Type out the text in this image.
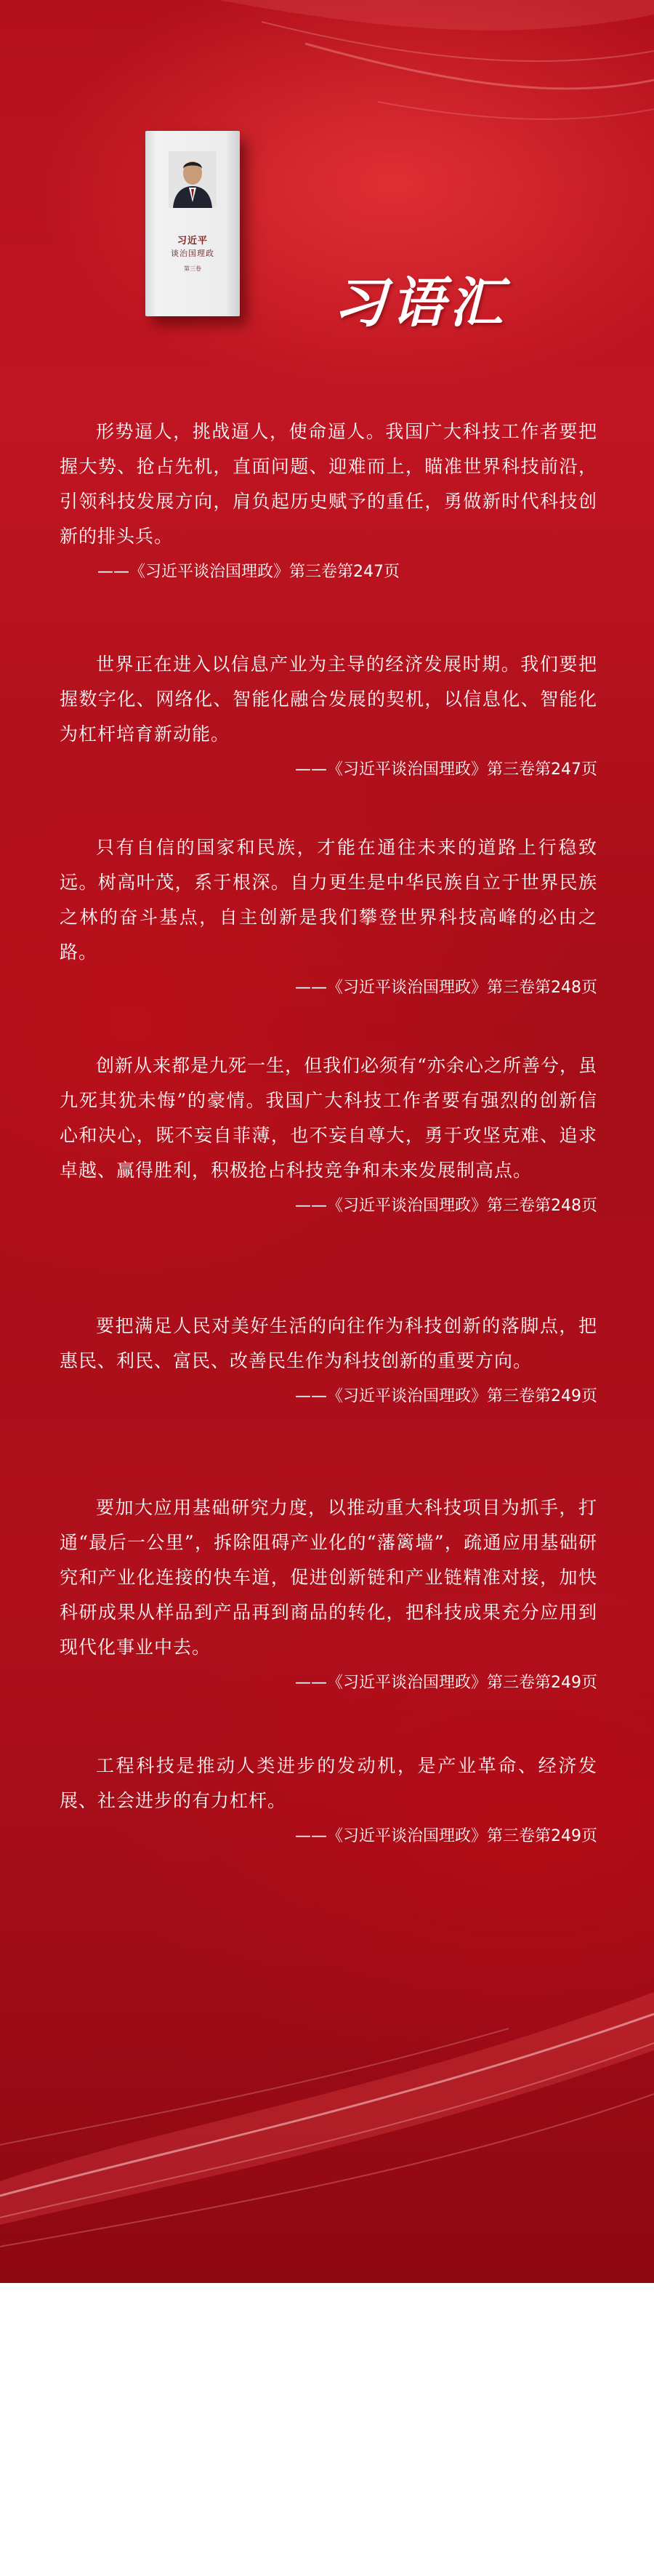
习近平
谈治国理政
第三卷
习语汇

形势逼人，挑战逼人，使命逼人。我国广大科技工作者要把握大势、抢占先机，直面问题、迎难而上，瞄准世界科技前沿，引领科技发展方向，肩负起历史赋予的重任，勇做新时代科技创新的排头兵。

——《习近平谈治国理政》第三卷第247页

世界正在进入以信息产业为主导的经济发展时期。我们要把握数字化、网络化、智能化融合发展的契机，以信息化、智能化为杠杆培育新动能。

——《习近平谈治国理政》第三卷第247页

只有自信的国家和民族，才能在通往未来的道路上行稳致远。树高叶茂，系于根深。自力更生是中华民族自立于世界民族之林的奋斗基点，自主创新是我们攀登世界科技高峰的必由之路。

——《习近平谈治国理政》第三卷第248页

创新从来都是九死一生，但我们必须有“亦余心之所善兮，虽九死其犹未悔”的豪情。我国广大科技工作者要有强烈的创新信心和决心，既不妄自菲薄，也不妄自尊大，勇于攻坚克难、追求卓越、赢得胜利，积极抢占科技竞争和未来发展制高点。

——《习近平谈治国理政》第三卷第248页

要把满足人民对美好生活的向往作为科技创新的落脚点，把惠民、利民、富民、改善民生作为科技创新的重要方向。

——《习近平谈治国理政》第三卷第249页

要加大应用基础研究力度，以推动重大科技项目为抓手，打通“最后一公里”，拆除阻碍产业化的“藩篱墙”，疏通应用基础研究和产业化连接的快车道，促进创新链和产业链精准对接，加快科研成果从样品到产品再到商品的转化，把科技成果充分应用到现代化事业中去。

——《习近平谈治国理政》第三卷第249页

工程科技是推动人类进步的发动机，是产业革命、经济发展、社会进步的有力杠杆。

——《习近平谈治国理政》第三卷第249页
